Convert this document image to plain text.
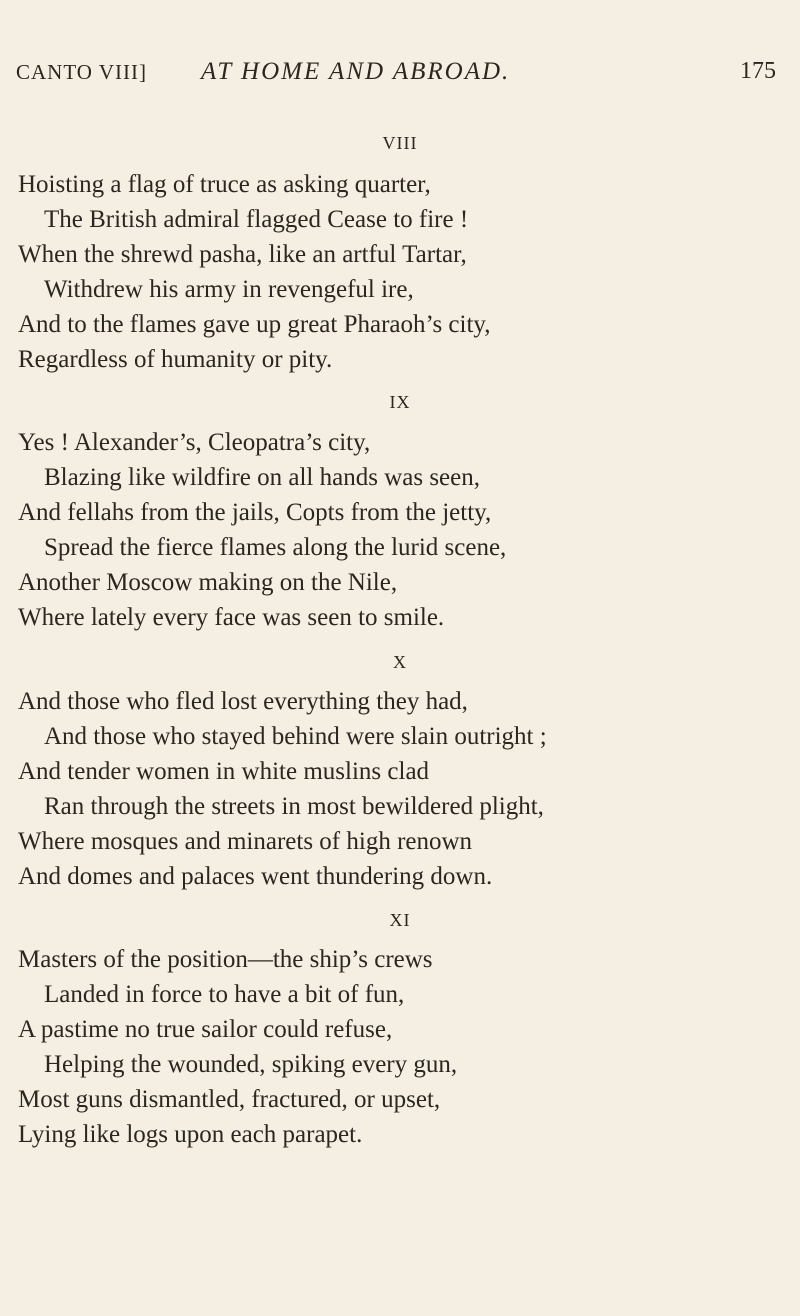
CANTO VIII] AT HOME AND ABROAD.	175
VIII
Hoisting a flag of truce as asking quarter,
The British admiral flagged Cease to fire !
When the shrewd pasha, like an artful Tartar,
Withdrew his army in revengeful ire,
And to the flames gave up great Pharaoh’s city,
Regardless of humanity or pity.
IX
Yes ! Alexander’s, Cleopatra’s city,
Blazing like wildfire on all hands was seen,
And fellahs from the jails, Copts from the jetty,
Spread the fierce flames along the lurid scene,
Another Moscow making on the Nile,
Where lately every face was seen to smile.
X
And those who fled lost everything they had,
And those who stayed behind were slain outright ;
And tender women in white muslins clad
Ran through the streets in most bewildered plight,
Where mosques and minarets of high renown
And domes and palaces went thundering down.
XI
Masters of the position—the ship’s crews
Landed in force to have a bit of fun,
A pastime no true sailor could refuse,
Helping the wounded, spiking every gun,
Most guns dismantled, fractured, or upset,
Lying like logs upon each parapet.
